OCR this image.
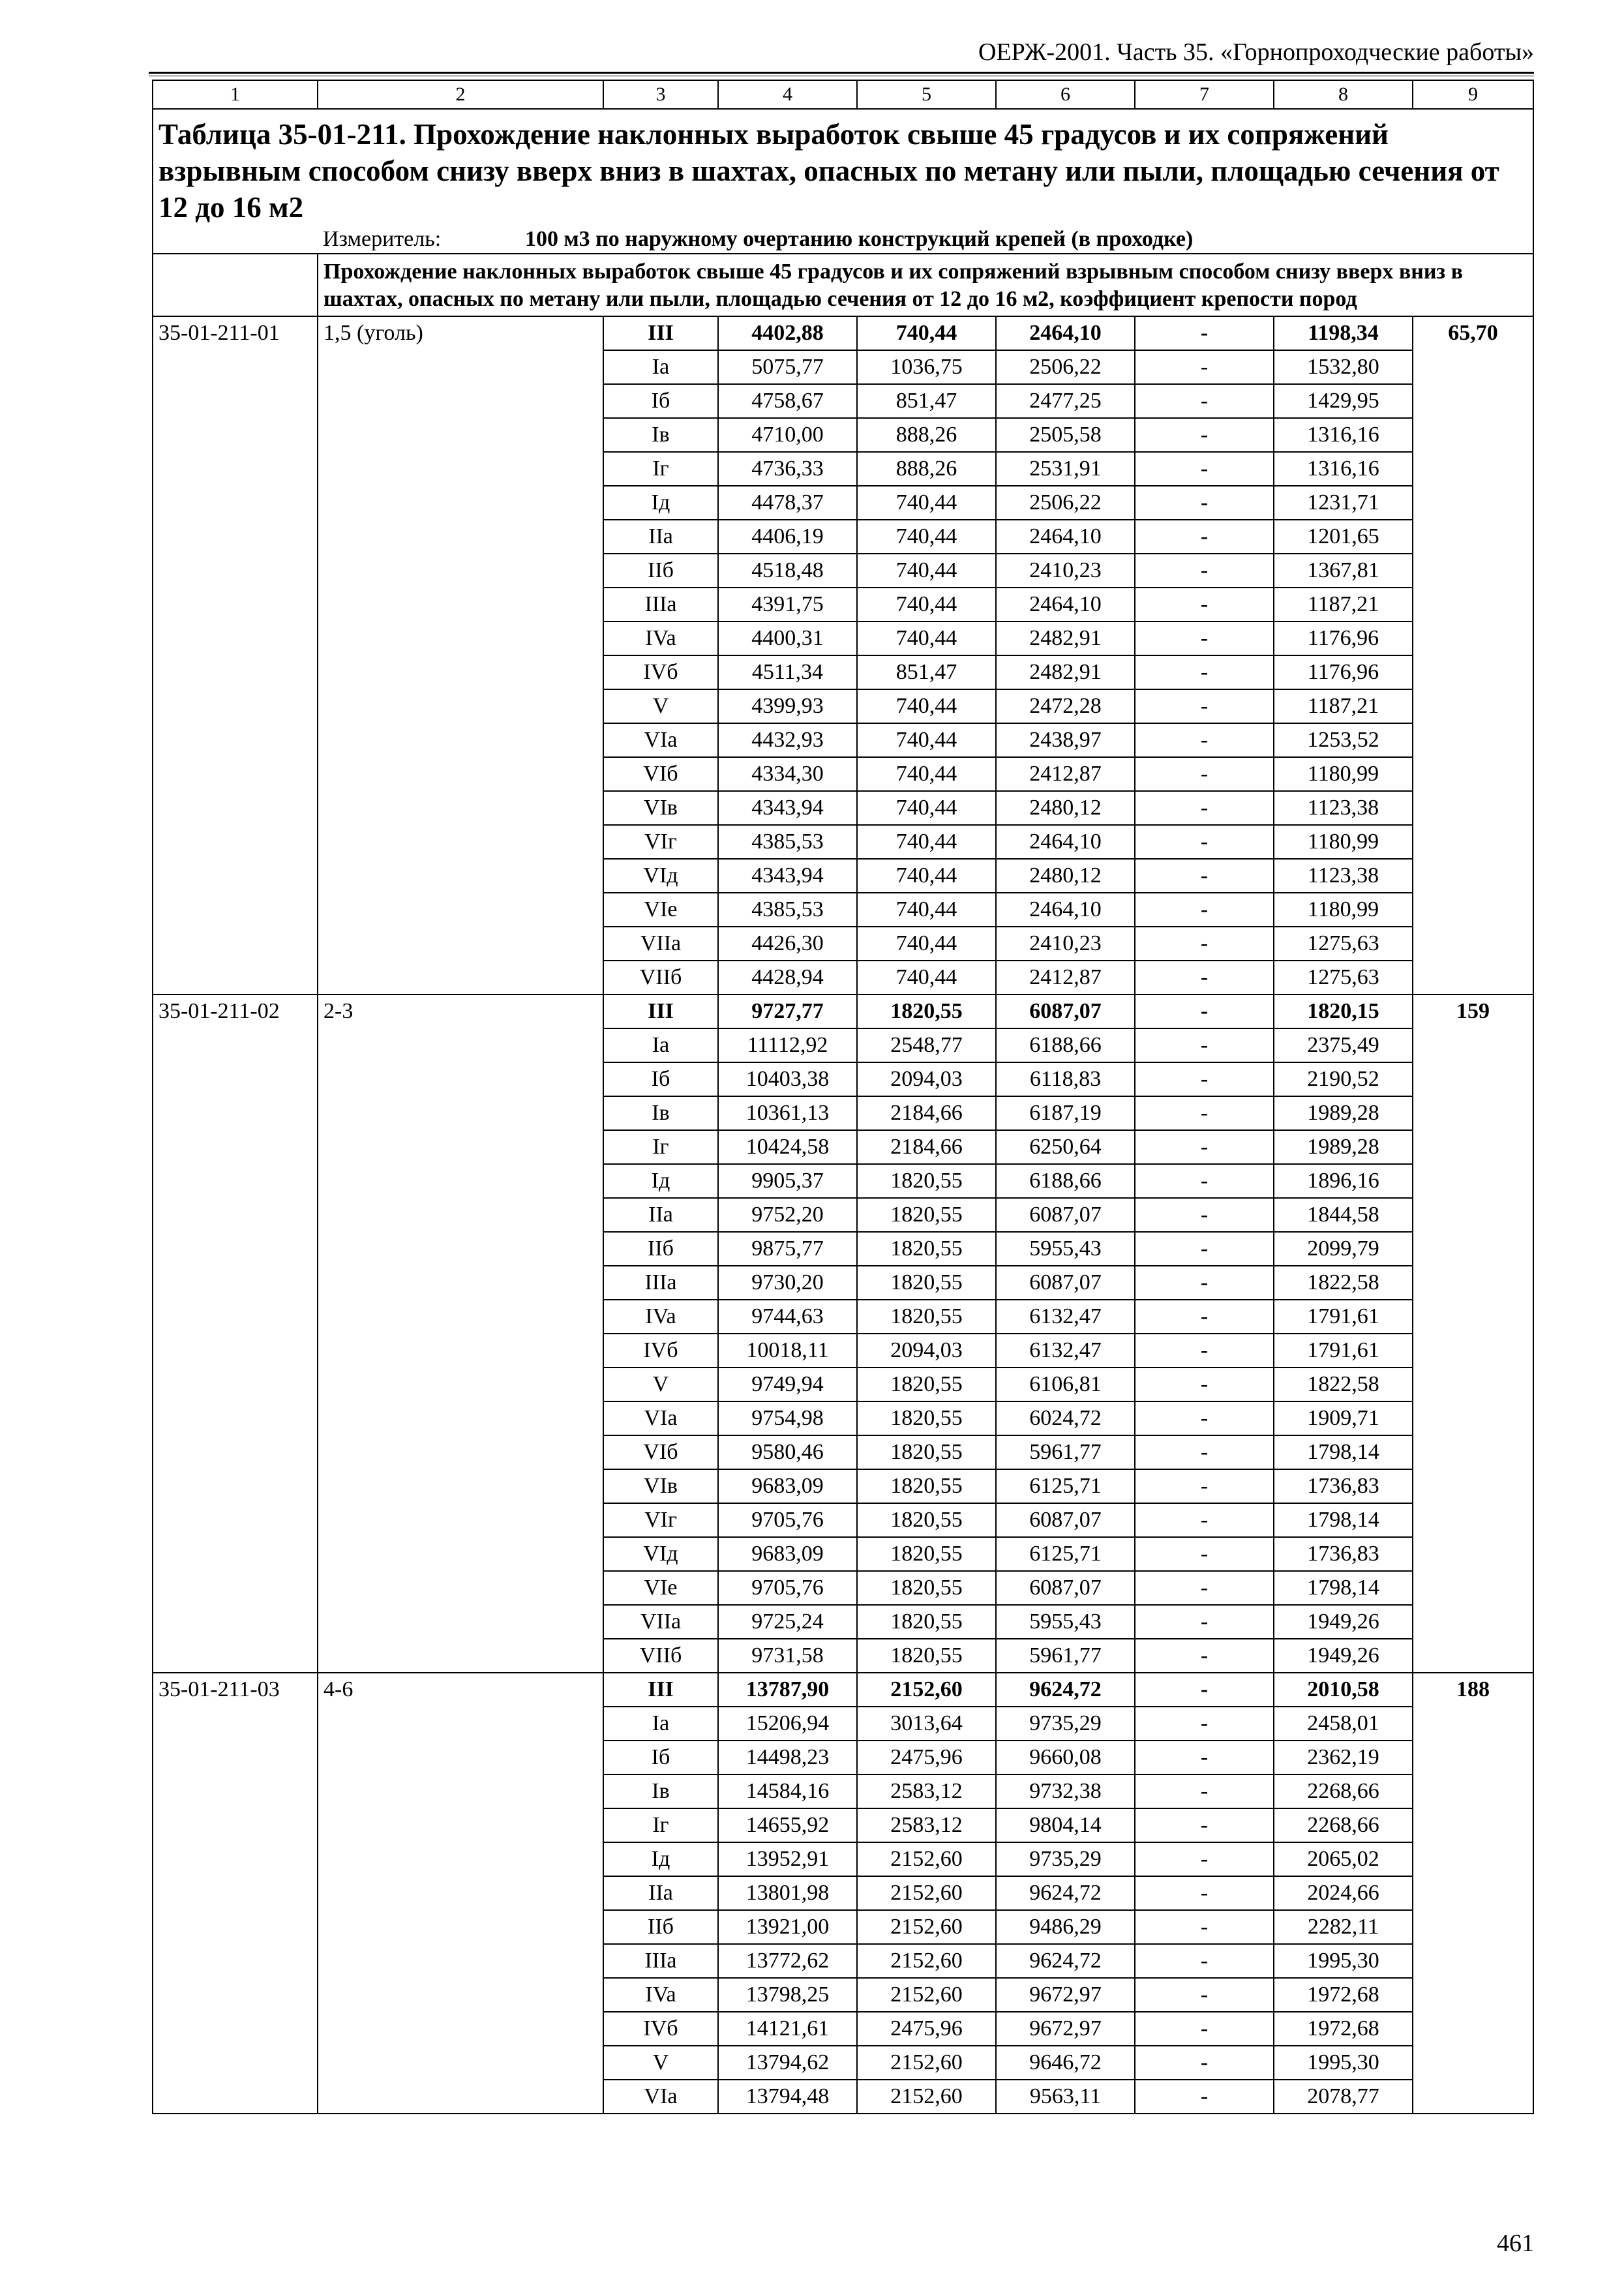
ОЕРЖ-2001. Часть 35. «Горнопроходческие работы»
1	2	3	4	5	6	7	8	9
Таблица 35-01-211. Прохождение наклонных выработок свыше 45 градусов и их сопряжений взрывным способом снизу вверх вниз в шахтах, опасных по метану или пыли, площадью сечения от 12 до 16 м2								
Измеритель: 100 м3 по наружному очертанию конструкций крепей (в проходке)								
	Прохождение наклонных выработок свыше 45 градусов и их сопряжений взрывным способом снизу вверх вниз в шахтах, опасных по метану или пыли, площадью сечения от 12 до 16 м2, коэффициент крепости пород							
35-01-211-01	1,5 (уголь)	III	4402,88	740,44	2464,10	-	1198,34	65,70
		Ia	5075,77	1036,75	2506,22	-	1532,80	
		Iб	4758,67	851,47	2477,25	-	1429,95	
		Iв	4710,00	888,26	2505,58	-	1316,16	
		Iг	4736,33	888,26	2531,91	-	1316,16	
		Iд	4478,37	740,44	2506,22	-	1231,71	
		IIa	4406,19	740,44	2464,10	-	1201,65	
		IIб	4518,48	740,44	2410,23	-	1367,81	
		IIIa	4391,75	740,44	2464,10	-	1187,21	
		IVa	4400,31	740,44	2482,91	-	1176,96	
		IVб	4511,34	851,47	2482,91	-	1176,96	
		V	4399,93	740,44	2472,28	-	1187,21	
		VIa	4432,93	740,44	2438,97	-	1253,52	
		VIб	4334,30	740,44	2412,87	-	1180,99	
		VIв	4343,94	740,44	2480,12	-	1123,38	
		VIг	4385,53	740,44	2464,10	-	1180,99	
		VIд	4343,94	740,44	2480,12	-	1123,38	
		VIe	4385,53	740,44	2464,10	-	1180,99	
		VIIa	4426,30	740,44	2410,23	-	1275,63	
		VIIб	4428,94	740,44	2412,87	-	1275,63	
35-01-211-02	2-3	III	9727,77	1820,55	6087,07	-	1820,15	159
		Ia	11112,92	2548,77	6188,66	-	2375,49	
		Iб	10403,38	2094,03	6118,83	-	2190,52	
		Iв	10361,13	2184,66	6187,19	-	1989,28	
		Iг	10424,58	2184,66	6250,64	-	1989,28	
		Iд	9905,37	1820,55	6188,66	-	1896,16	
		IIa	9752,20	1820,55	6087,07	-	1844,58	
		IIб	9875,77	1820,55	5955,43	-	2099,79	
		IIIa	9730,20	1820,55	6087,07	-	1822,58	
		IVa	9744,63	1820,55	6132,47	-	1791,61	
		IVб	10018,11	2094,03	6132,47	-	1791,61	
		V	9749,94	1820,55	6106,81	-	1822,58	
		VIa	9754,98	1820,55	6024,72	-	1909,71	
		VIб	9580,46	1820,55	5961,77	-	1798,14	
		VIв	9683,09	1820,55	6125,71	-	1736,83	
		VIг	9705,76	1820,55	6087,07	-	1798,14	
		VIд	9683,09	1820,55	6125,71	-	1736,83	
		VIe	9705,76	1820,55	6087,07	-	1798,14	
		VIIa	9725,24	1820,55	5955,43	-	1949,26	
		VIIб	9731,58	1820,55	5961,77	-	1949,26	
35-01-211-03	4-6	III	13787,90	2152,60	9624,72	-	2010,58	188
		Ia	15206,94	3013,64	9735,29	-	2458,01	
		Iб	14498,23	2475,96	9660,08	-	2362,19	
		Iв	14584,16	2583,12	9732,38	-	2268,66	
		Iг	14655,92	2583,12	9804,14	-	2268,66	
		Iд	13952,91	2152,60	9735,29	-	2065,02	
		IIa	13801,98	2152,60	9624,72	-	2024,66	
		IIб	13921,00	2152,60	9486,29	-	2282,11	
		IIIa	13772,62	2152,60	9624,72	-	1995,30	
		IVa	13798,25	2152,60	9672,97	-	1972,68	
		IVб	14121,61	2475,96	9672,97	-	1972,68	
		V	13794,62	2152,60	9646,72	-	1995,30	
		VIa	13794,48	2152,60	9563,11	-	2078,77	
461
